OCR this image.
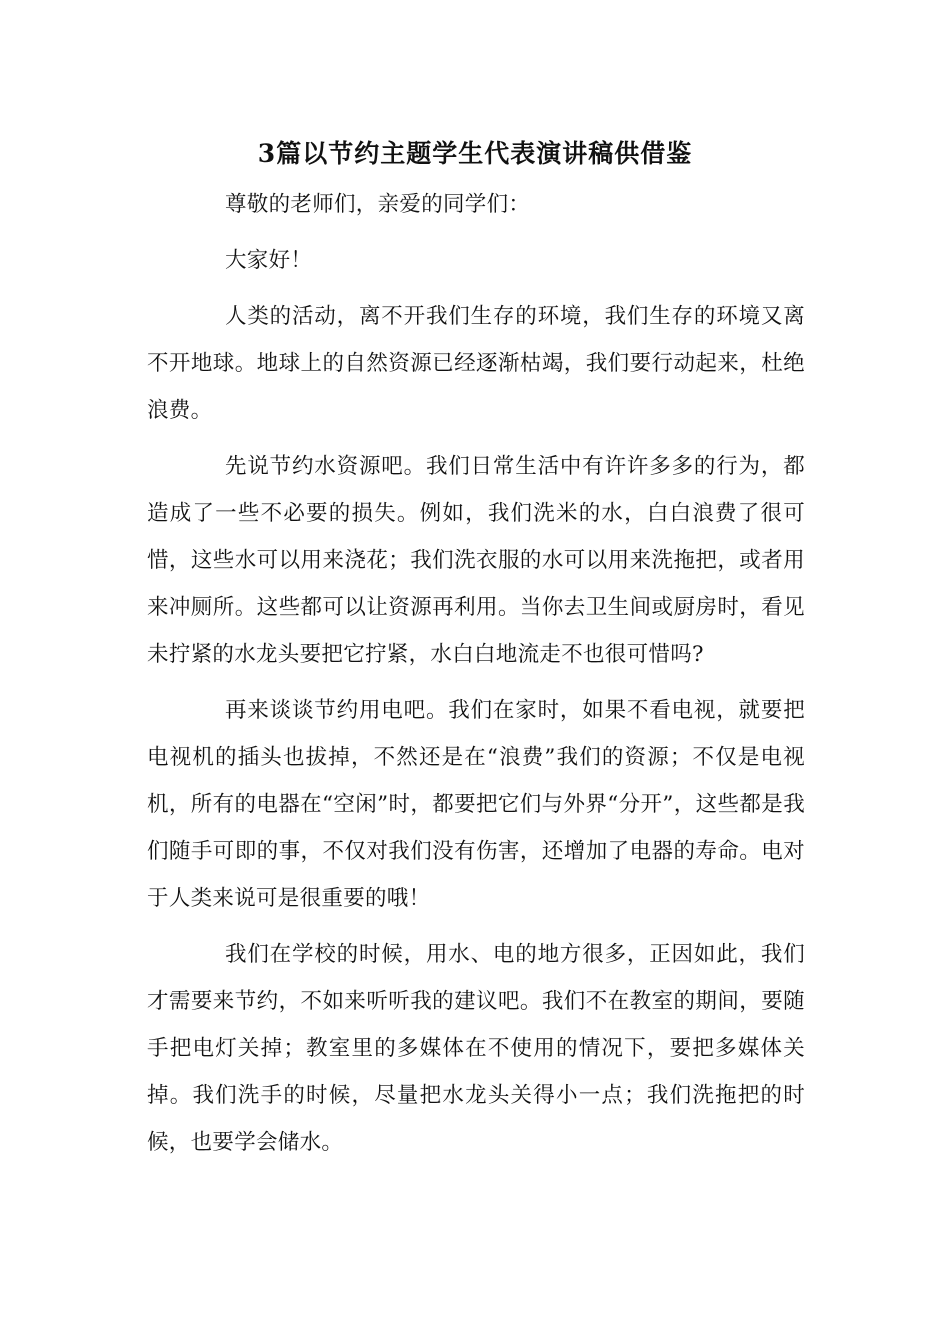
3篇以节约主题学生代表演讲稿供借鉴

尊敬的老师们，亲爱的同学们：

大家好！

人类的活动，离不开我们生存的环境，我们生存的环境又离不开地球。地球上的自然资源已经逐渐枯竭，我们要行动起来，杜绝浪费。

先说节约水资源吧。我们日常生活中有许许多多的行为，都造成了一些不必要的损失。例如，我们洗米的水，白白浪费了很可惜，这些水可以用来浇花；我们洗衣服的水可以用来洗拖把，或者用来冲厕所。这些都可以让资源再利用。当你去卫生间或厨房时，看见未拧紧的水龙头要把它拧紧，水白白地流走不也很可惜吗?

再来谈谈节约用电吧。我们在家时，如果不看电视，就要把电视机的插头也拔掉，不然还是在“浪费”我们的资源；不仅是电视机，所有的电器在“空闲”时，都要把它们与外界“分开”，这些都是我们随手可即的事，不仅对我们没有伤害，还增加了电器的寿命。电对于人类来说可是很重要的哦！

我们在学校的时候，用水、电的地方很多，正因如此，我们才需要来节约，不如来听听我的建议吧。我们不在教室的期间，要随手把电灯关掉；教室里的多媒体在不使用的情况下，要把多媒体关掉。我们洗手的时候，尽量把水龙头关得小一点；我们洗拖把的时候，也要学会储水。
